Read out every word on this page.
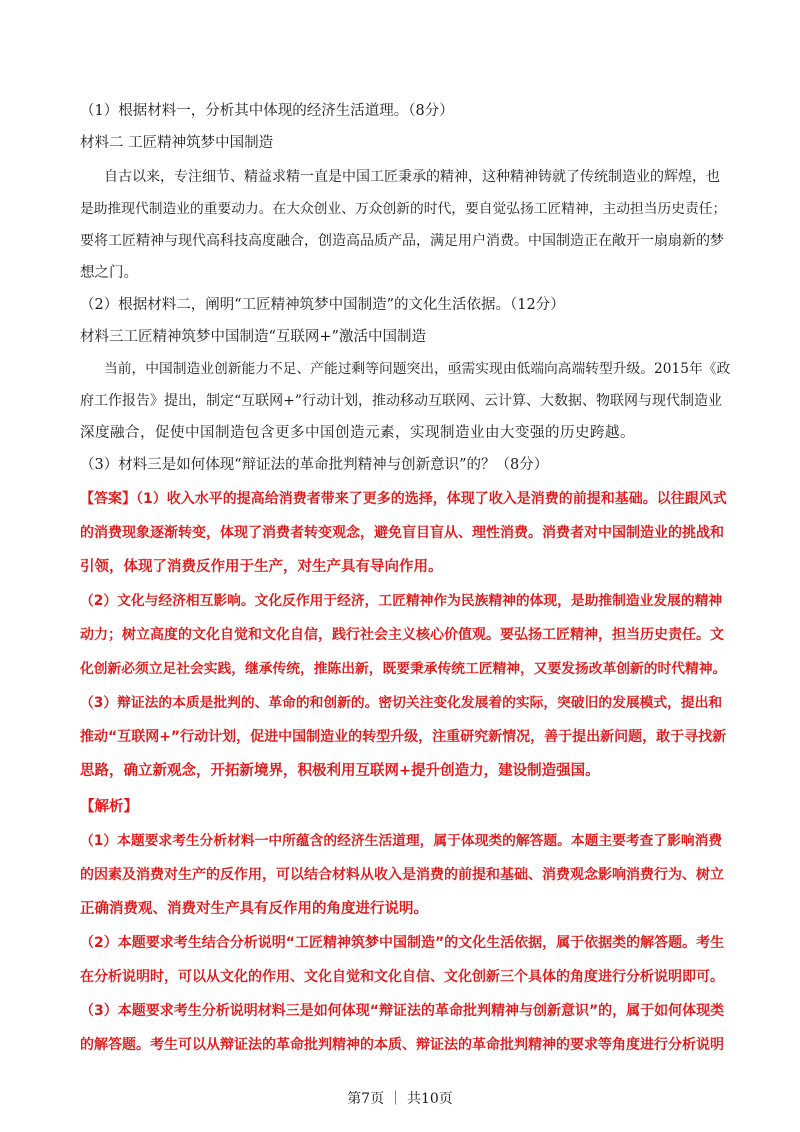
（1）根据材料一，分析其中体现的经济生活道理。（8分）
材料二 工匠精神筑梦中国制造
自古以来，专注细节、精益求精一直是中国工匠秉承的精神，这种精神铸就了传统制造业的辉煌，也
是助推现代制造业的重要动力。在大众创业、万众创新的时代，要自觉弘扬工匠精神，主动担当历史责任；
要将工匠精神与现代高科技高度融合，创造高品质产品，满足用户消费。中国制造正在敞开一扇扇新的梦
想之门。
（2）根据材料二，阐明“工匠精神筑梦中国制造”的文化生活依据。（12分）
材料三工匠精神筑梦中国制造“互联网+”激活中国制造
当前，中国制造业创新能力不足、产能过剩等问题突出，亟需实现由低端向高端转型升级。2015年《政
府工作报告》提出，制定“互联网+”行动计划，推动移动互联网、云计算、大数据、物联网与现代制造业
深度融合，促使中国制造包含更多中国创造元素，实现制造业由大变强的历史跨越。
（3）材料三是如何体现“辩证法的革命批判精神与创新意识”的？（8分）
【答案】（1）收入水平的提高给消费者带来了更多的选择，体现了收入是消费的前提和基础。以往跟风式
的消费现象逐渐转变，体现了消费者转变观念，避免盲目盲从、理性消费。消费者对中国制造业的挑战和
引领，体现了消费反作用于生产，对生产具有导向作用。
（2）文化与经济相互影响。文化反作用于经济，工匠精神作为民族精神的体现，是助推制造业发展的精神
动力；树立高度的文化自觉和文化自信，践行社会主义核心价值观。要弘扬工匠精神，担当历史责任。文
化创新必须立足社会实践，继承传统，推陈出新，既要秉承传统工匠精神，又要发扬改革创新的时代精神。
（3）辩证法的本质是批判的、革命的和创新的。密切关注变化发展着的实际，突破旧的发展模式，提出和
推动“互联网+”行动计划，促进中国制造业的转型升级，注重研究新情况，善于提出新问题，敢于寻找新
思路，确立新观念，开拓新境界，积极利用互联网+提升创造力，建设制造强国。
【解析】
（1）本题要求考生分析材料一中所蕴含的经济生活道理，属于体现类的解答题。本题主要考查了影响消费
的因素及消费对生产的反作用，可以结合材料从收入是消费的前提和基础、消费观念影响消费行为、树立
正确消费观、消费对生产具有反作用的角度进行说明。
（2）本题要求考生结合分析说明“工匠精神筑梦中国制造”的文化生活依据，属于依据类的解答题。考生
在分析说明时，可以从文化的作用、文化自觉和文化自信、文化创新三个具体的角度进行分析说明即可。
（3）本题要求考生分析说明材料三是如何体现“辩证法的革命批判精神与创新意识”的，属于如何体现类
的解答题。考生可以从辩证法的革命批判精神的本质、辩证法的革命批判精神的要求等角度进行分析说明
第7页 ｜ 共10页
